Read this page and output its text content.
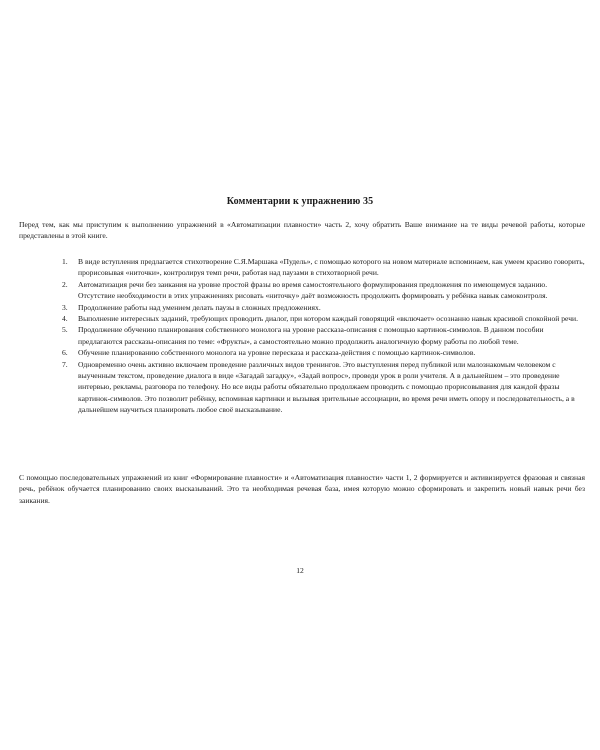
Комментарии к упражнению 35
Перед тем, как мы приступим к выполнению упражнений в «Автоматизации плавности» часть 2, хочу обратить Ваше внимание на те виды речевой работы, которые представлены в этой книге.
1. В виде вступления предлагается стихотворение С.Я.Маршака «Пудель», с помощью которого на новом материале вспоминаем, как умеем красиво говорить, прорисовывая «ниточки», контролируя темп речи, работая над паузами в стихотворной речи.
2. Автоматизация речи без заикания на уровне простой фразы во время самостоятельного формулирования предложения по имеющемуся заданию. Отсутствие необходимости в этих упражнениях рисовать «ниточку» даёт возможность продолжить формировать у ребёнка навык самоконтроля.
3. Продолжение работы над умением делать паузы в сложных предложениях.
4. Выполнение интересных заданий, требующих проводить диалог, при котором каждый говорящий «включает» осознанно навык красивой спокойной речи.
5. Продолжение обучению планирования собственного монолога на уровне рассказа-описания с помощью картинок-символов. В данном пособии предлагаются рассказы-описания по теме: «Фрукты», а самостоятельно можно продолжить аналогичную форму работы по любой теме.
6. Обучение планированию собственного монолога на уровне пересказа и рассказа-действия с помощью картинок-символов.
7. Одновременно очень активно включаем проведение различных видов тренингов. Это выступления перед публикой или малознакомым человеком с выученным текстом, проведение диалога в виде «Загадай загадку», «Задай вопрос», проведи урок в роли учителя. А в дальнейшем – это проведение интервью, рекламы, разговора по телефону. Но все виды работы обязательно продолжаем проводить с помощью прорисовывания для каждой фразы картинок-символов. Это позволит ребёнку, вспоминая картинки и вызывая зрительные ассоциации, во время речи иметь опору и последовательность, а в дальнейшем научиться планировать любое своё высказывание.
С помощью последовательных упражнений из книг «Формирование плавности» и «Автоматизация плавности» части 1, 2 формируется и активизируется фразовая и связная речь, ребёнок обучается планированию своих высказываний. Это та необходимая речевая база, имея которую можно сформировать и закрепить новый навык речи без заикания.
12
